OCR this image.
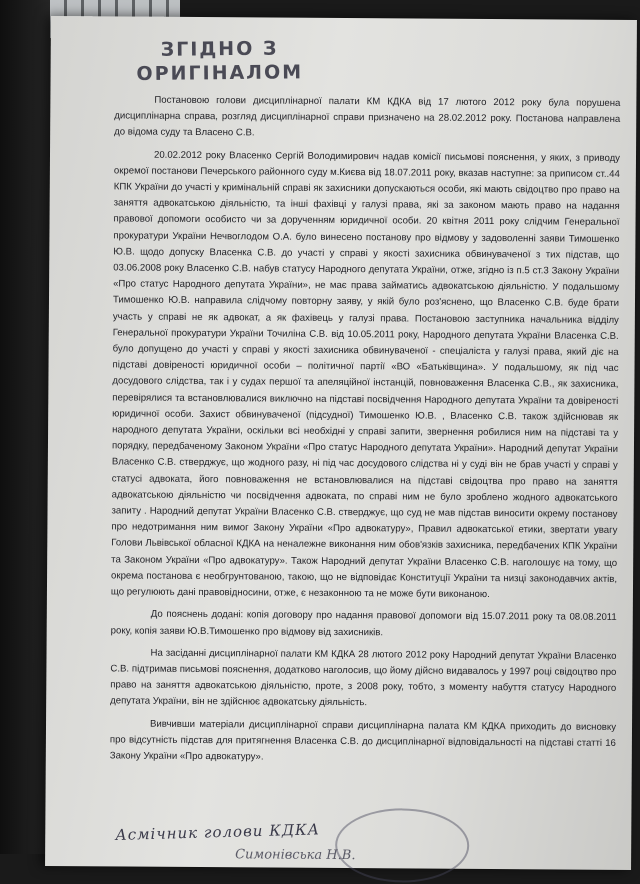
ЗГІДНО З
ОРИГІНАЛОМ

Постановою голови дисциплінарної палати КМ КДКА від 17 лютого 2012 року була порушена дисциплінарна справа, розгляд дисциплінарної справи призначено на 28.02.2012 року. Постанова направлена до відома суду та Власено С.В.

20.02.2012 року Власенко Сергій Володимирович надав комісії письмові пояснення, у яких, з приводу окремої постанови Печерського районного суду м.Києва від 18.07.2011 року, вказав наступне: за приписом ст..44 КПК України до участі у кримінальній справі як захисники допускаються особи, які мають свідоцтво про право на заняття адвокатською діяльністю, та інші фахівці у галузі права, які за законом мають право на надання правової допомоги особисто чи за дорученням юридичної особи. 20 квітня 2011 року слідчим Генеральної прокуратури України Нечвоглодом О.А. було винесено постанову про відмову у задоволенні заяви Тимошенко Ю.В. щодо допуску Власенка С.В. до участі у справі у якості захисника обвинуваченої з тих підстав, що 03.06.2008 року Власенко С.В. набув статусу Народного депутата України, отже, згідно із п.5 ст.3 Закону України «Про статус Народного депутата України», не має права займатись адвокатською діяльністю. У подальшому Тимошенко Ю.В. направила слідчому повторну заяву, у якій було роз'яснено, що Власенко С.В. буде брати участь у справі не як адвокат, а як фахівець у галузі права. Постановою заступника начальника відділу Генеральної прокуратури України Точиліна С.В. від 10.05.2011 року, Народного депутата України Власенка С.В. було допущено до участі у справі у якості захисника обвинуваченої - спеціаліста у галузі права, який діє на підставі довіреності юридичної особи – політичної партії «ВО «Батьківщина». У подальшому, як під час досудового слідства, так і у судах першої та апеляційної інстанцій, повноваження Власенка С.В., як захисника, перевірялися та встановлювалися виключно на підставі посвідчення Народного депутата України та довіреності юридичної особи. Захист обвинуваченої (підсудної) Тимошенко Ю.В. , Власенко С.В. також здійснював як народного депутата України, оскільки всі необхідні у справі запити, звернення робилися ним на підставі та у порядку, передбаченому Законом України «Про статус Народного депутата України». Народний депутат України Власенко С.В. стверджує, що жодного разу, ні під час досудового слідства ні у суді він не брав участі у справі у статусі адвоката, його повноваження не встановлювалися на підставі свідоцтва про право на заняття адвокатською діяльністю чи посвідчення адвоката, по справі ним не було зроблено жодного адвокатського запиту . Народний депутат України Власенко С.В. стверджує, що суд не мав підстав виносити окрему постанову про недотримання ним вимог Закону України «Про адвокатуру», Правил адвокатської етики, звертати увагу Голови Львівської обласної КДКА на неналежне виконання ним обов'язків захисника, передбачених КПК України та Законом України «Про адвокатуру». Також Народний депутат України Власенко С.В. наголошує на тому, що окрема постанова є необгрунтованою, такою, що не відповідає Конституції України та низці законодавчих актів, що регулюють дані правовідносини, отже, є незаконною та не може бути виконаною.

До пояснень додані: копія договору про надання правової допомоги від 15.07.2011 року та 08.08.2011 року, копія заяви Ю.В.Тимошенко про відмову від захисників.

На засіданні дисциплінарної палати КМ КДКА 28 лютого 2012 року Народний депутат України Власенко С.В. підтримав письмові пояснення, додатково наголосив, що йому дійсно видавалось у 1997 році свідоцтво про право на заняття адвокатською діяльністю, проте, з 2008 року, тобто, з моменту набуття статусу Народного депутата України, він не здійснює адвокатську діяльність.

Вивчивши матеріали дисциплінарної справи дисциплінарна палата КМ КДКА приходить до висновку про відсутність підстав для притягнення Власенка С.В. до дисциплінарної відповідальності на підставі статті 16 Закону України «Про адвокатуру».

Асмічник голови КДКА
Симонівська Н.В.
